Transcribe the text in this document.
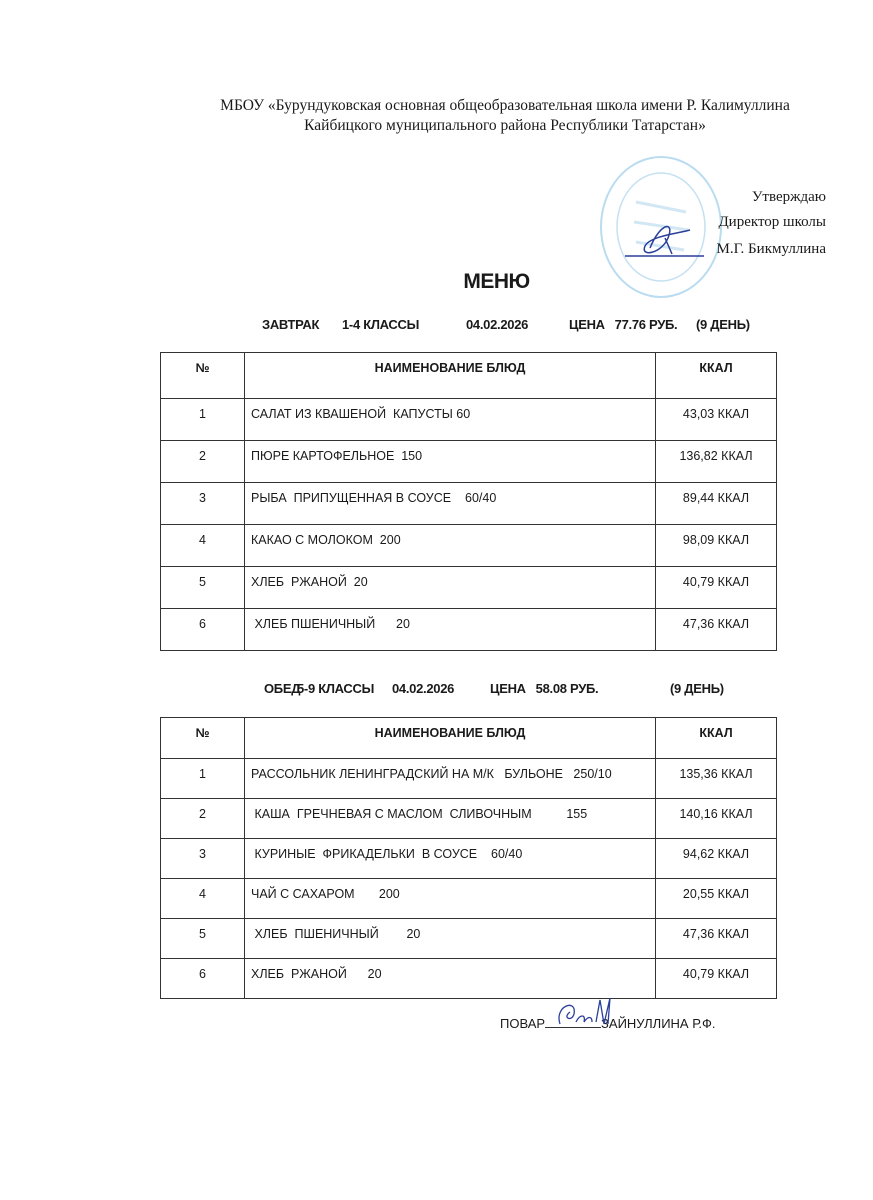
МБОУ «Бурундуковская основная общеобразовательная школа имени Р. Калимуллина
Кайбицкого муниципального района Республики Татарстан»
Утверждаю
Директор школы
М.Г. Бикмуллина
МЕНЮ
ЗАВТРАК 1-4 КЛАССЫ	04.02.2026	ЦЕНА   77.76 РУБ. (9 ДЕНЬ)
№	НАИМЕНОВАНИЕ БЛЮД	ККАЛ
1	САЛАТ ИЗ КВАШЕНОЙ  КАПУСТЫ 60	43,03 ККАЛ
2	ПЮРЕ КАРТОФЕЛЬНОЕ  150	136,82 ККАЛ
3	РЫБА  ПРИПУЩЕННАЯ В СОУСЕ    60/40	89,44 ККАЛ
4	КАКАО С МОЛОКОМ  200	98,09 ККАЛ
5	ХЛЕБ  РЖАНОЙ  20	40,79 ККАЛ
6	ХЛЕБ ПШЕНИЧНЫЙ      20	47,36 ККАЛ
ОБЕД
5-9 КЛАССЫ 04.02.2026	ЦЕНА   58.08 РУБ.	(9 ДЕНЬ)
№	НАИМЕНОВАНИЕ БЛЮД	ККАЛ
1	РАССОЛЬНИК ЛЕНИНГРАДСКИЙ НА М/К   БУЛЬОНЕ   250/10	135,36 ККАЛ
2	КАША  ГРЕЧНЕВАЯ С МАСЛОМ  СЛИВОЧНЫМ          155	140,16 ККАЛ
3	КУРИНЫЕ  ФРИКАДЕЛЬКИ  В СОУСЕ    60/40	94,62 ККАЛ
4	ЧАЙ С САХАРОМ       200	20,55 ККАЛ
5	ХЛЕБ  ПШЕНИЧНЫЙ        20	47,36 ККАЛ
6	ХЛЕБ  РЖАНОЙ      20	40,79 ККАЛ
ПОВАР	ЗАЙНУЛЛИНА Р.Ф.
